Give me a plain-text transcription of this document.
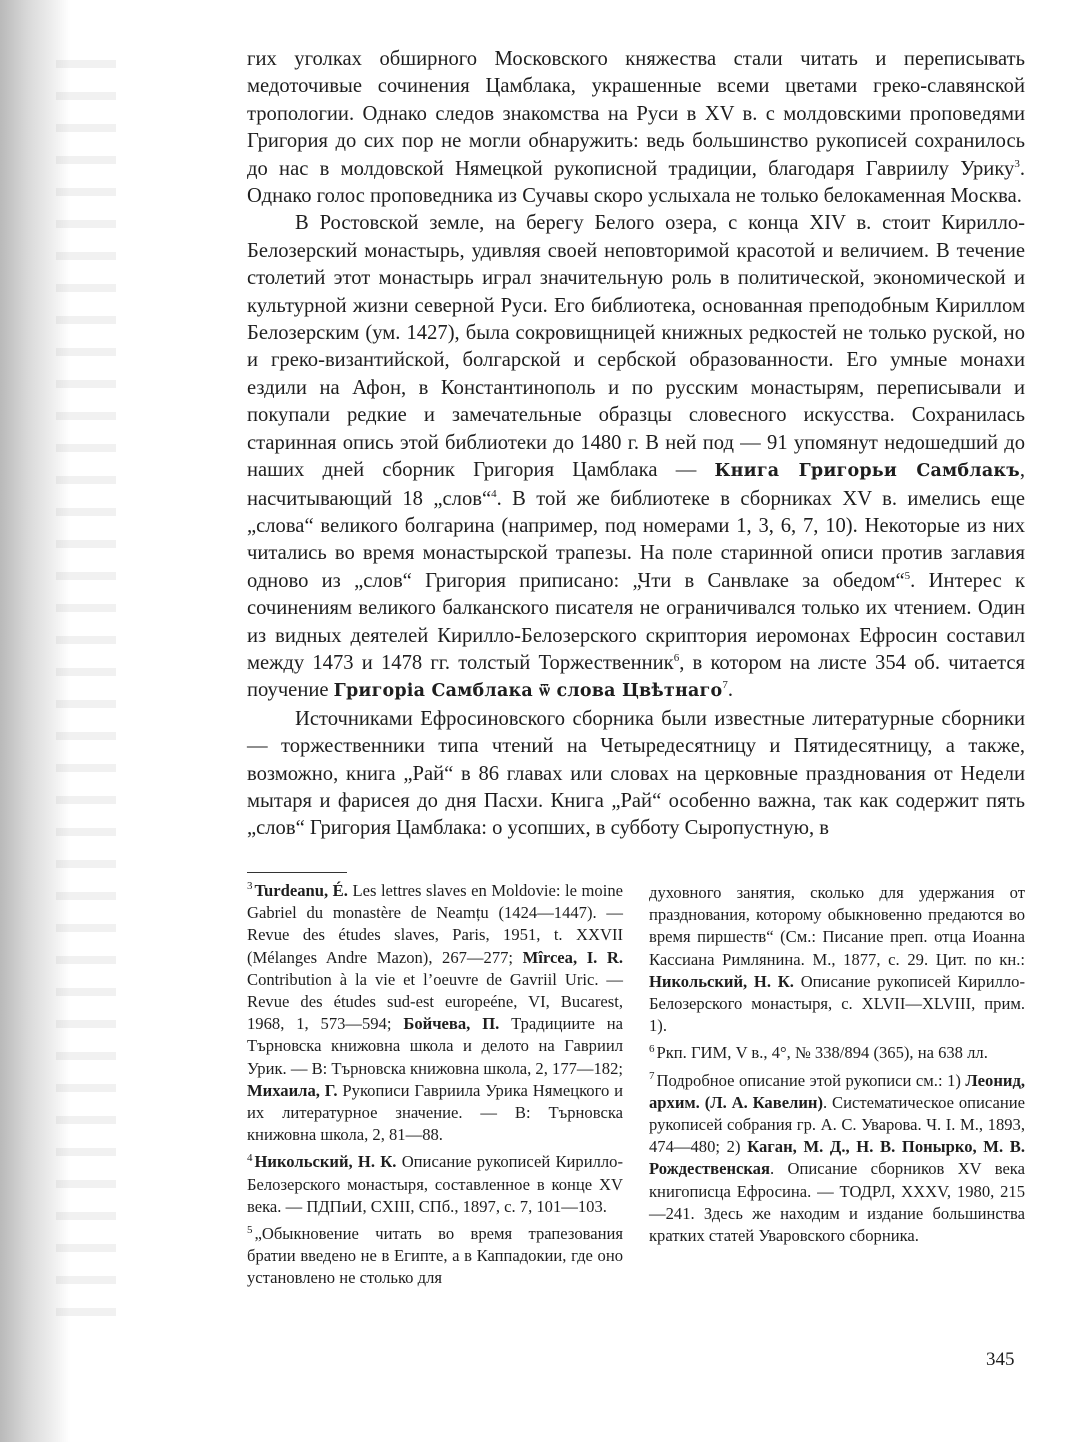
гих уголках обширного Московского княжества стали читать и переписывать медоточивые сочинения Цамблака, украшенные всеми цветами греко-славянской тропологии. Однако следов знакомства на Руси в XV в. с молдовскими проповедями Григория до сих пор не могли обнаружить: ведь большинство рукописей сохранилось до нас в молдовской Нямецкой рукописной традиции, благодаря Гавриилу Урику$^3$. Однако голос проповедника из Сучавы скоро услыхала не только белокаменная Москва.

В Ростовской земле, на берегу Белого озера, с конца XIV в. стоит Кирилло-Белозерский монастырь, удивляя своей неповторимой красотой и величием. В течение столетий этот монастырь играл значительную роль в политической, экономической и культурной жизни северной Руси. Его библиотека, основанная преподобным Кириллом Белозерским (ум. 1427), была сокровищницей книжных редкостей не только руской, но и греко-византийской, болгарской и сербской образованности. Его умные монахи ездили на Афон, в Константинополь и по русским монастырям, переписывали и покупали редкие и замечательные образцы словесного искусства. Сохранилась старинная опись этой библиотеки до 1480 г. В ней под — 91 упомянут недошедший до наших дней сборник Григория Цамблака — Книга Григорьи Самблакъ, насчитывающий 18 „слов“$^4$. В той же библиотеке в сборниках XV в. имелись еще „слова“ великого болгарина (например, под номерами 1, 3, 6, 7, 10). Некоторые из них читались во время монастырской трапезы. На поле старинной описи против заглавия одново из „слов“ Григория приписано: „Чти в Санвлаке за обедом“$^5$. Интерес к сочинениям великого балканского писателя не ограничивался только их чтением. Один из видных деятелей Кирилло-Белозерского скриптория иеромонах Ефросин составил между 1473 и 1478 гг. толстый Торжественник$^6$, в котором на листе 354 об. читается поучение Григоріа Самблака ѿ слова Цвѣтнаго$^7$.

Источниками Ефросиновского сборника были известные литературные сборники — торжественники типа чтений на Четыредесятницу и Пятидесятницу, а также, возможно, книга „Рай“ в 86 главах или словах на церковные празднования от Недели мытаря и фарисея до дня Пасхи. Книга „Рай“ особенно важна, так как содержит пять „слов“ Григория Цамблака: о усопших, в субботу Сыропустную, в

$^3$ Turdeanu, É. Les lettres slaves en Moldovie: le moine Gabriel du monastère de Neamțu (1424—1447). — Revue des études slaves, Paris, 1951, t. XXVII (Mélanges Andre Mazon), 267—277; Mîrcea, I. R. Contribution à la vie et l’oeuvre de Gavriil Uric. — Revue des études sud-est europeéne, VI, Bucarest, 1968, 1, 573—594; Бойчева, П. Традициите на Търновска книжовна школа и делото на Гавриил Урик. — В: Търновска книжовна школа, 2, 177—182; Михаила, Г. Рукописи Гавриила Урика Нямецкого и их литературное значение. — В: Търновска книжовна школа, 2, 81—88.

$^4$ Никольский, Н. К. Описание рукописей Кирилло-Белозерского монастыря, составленное в конце XV века. — ПДПиИ, CXIII, СПб., 1897, с. 7, 101—103.

$^5$ „Обыкновение читать во время трапезования братии введено не в Египте, а в Каппадокии, где оно установлено не столько для

духовного занятия, сколько для удержания от празднования, которому обыкновенно предаются во время пиршеств“ (См.: Писание преп. отца Иоанна Кассиана Римлянина. М., 1877, с. 29. Цит. по кн.: Никольский, Н. К. Описание рукописей Кирилло-Белозерского монастыря, с. XLVII—XLVIII, прим. 1).

$^6$ Ркп. ГИМ, V в., 4°, № 338/894 (365), на 638 лл.

$^7$ Подробное описание этой рукописи см.: 1) Леонид, архим. (Л. А. Кавелин). Систематическое описание рукописей собрания гр. А. С. Уварова. Ч. I. М., 1893, 474—480; 2) Каган, М. Д., Н. В. Понырко, М. В. Рождественская. Описание сборников XV века книгописца Ефросина. — ТОДРЛ, XXXV, 1980, 215—241. Здесь же находим и издание большинства кратких статей Уваровского сборника.

345
